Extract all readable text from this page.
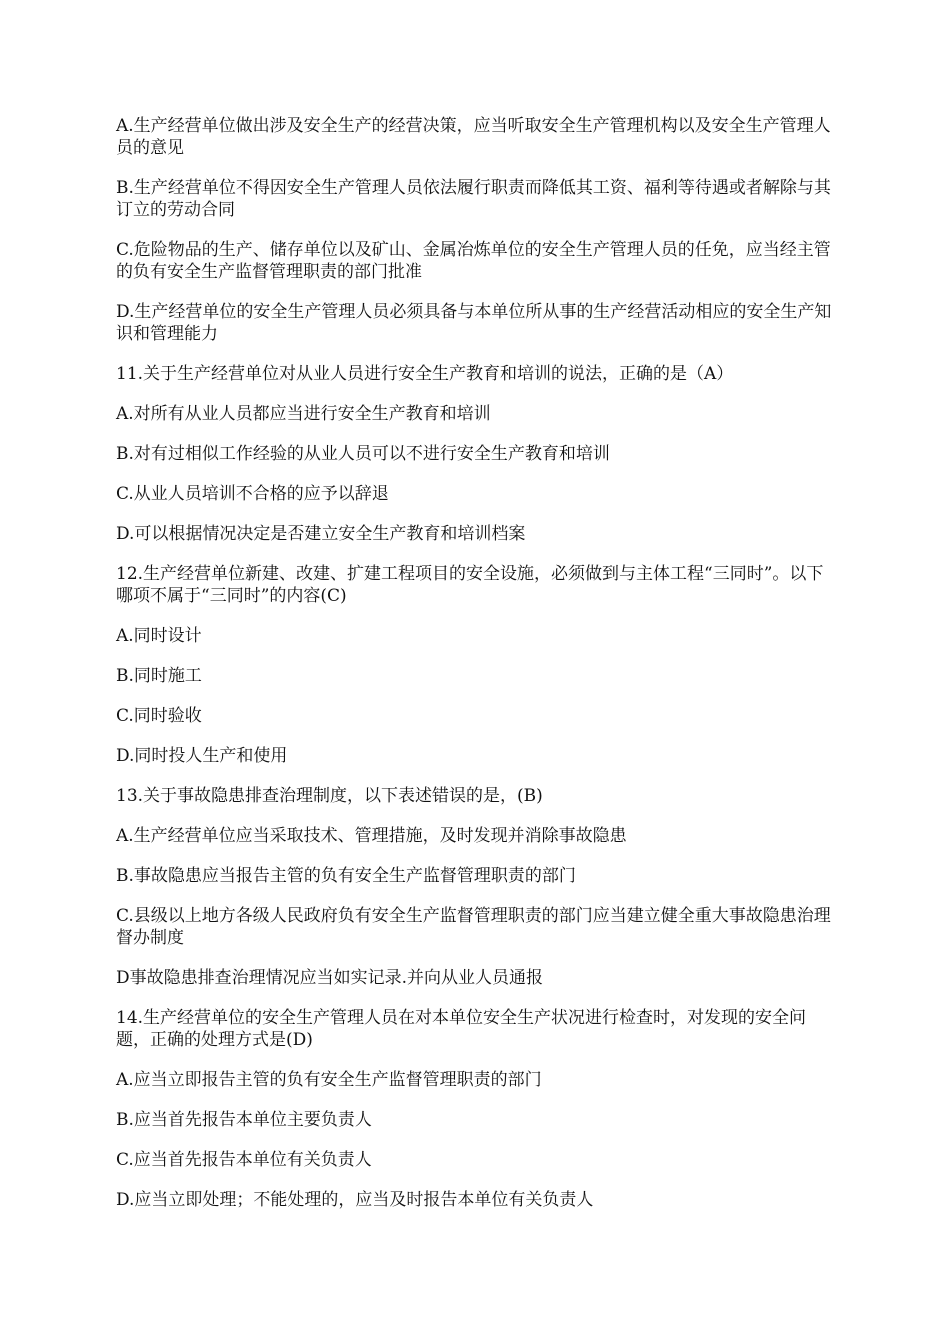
A.生产经营单位做出涉及安全生产的经营决策，应当听取安全生产管理机构以及安全生产管理人员的意见

B.生产经营单位不得因安全生产管理人员依法履行职责而降低其工资、福利等待遇或者解除与其订立的劳动合同

C.危险物品的生产、储存单位以及矿山、金属冶炼单位的安全生产管理人员的任免，应当经主管的负有安全生产监督管理职责的部门批准

D.生产经营单位的安全生产管理人员必须具备与本单位所从事的生产经营活动相应的安全生产知识和管理能力

11.关于生产经营单位对从业人员进行安全生产教育和培训的说法，正确的是（A）

A.对所有从业人员都应当进行安全生产教育和培训

B.对有过相似工作经验的从业人员可以不进行安全生产教育和培训

C.从业人员培训不合格的应予以辞退

D.可以根据情况决定是否建立安全生产教育和培训档案

12.生产经营单位新建、改建、扩建工程项目的安全设施，必须做到与主体工程“三同时”。以下哪项不属于“三同时”的内容(C)

A.同时设计

B.同时施工

C.同时验收

D.同时投人生产和使用

13.关于事故隐患排查治理制度，以下表述错误的是，(B)

A.生产经营单位应当采取技术、管理措施，及时发现并消除事故隐患

B.事故隐患应当报告主管的负有安全生产监督管理职责的部门

C.县级以上地方各级人民政府负有安全生产监督管理职责的部门应当建立健全重大事故隐患治理督办制度

D事故隐患排查治理情况应当如实记录.并向从业人员通报

14.生产经营单位的安全生产管理人员在对本单位安全生产状况进行检查时，对发现的安全问题，正确的处理方式是(D)

A.应当立即报告主管的负有安全生产监督管理职责的部门

B.应当首先报告本单位主要负责人

C.应当首先报告本单位有关负责人

D.应当立即处理；不能处理的，应当及时报告本单位有关负责人
